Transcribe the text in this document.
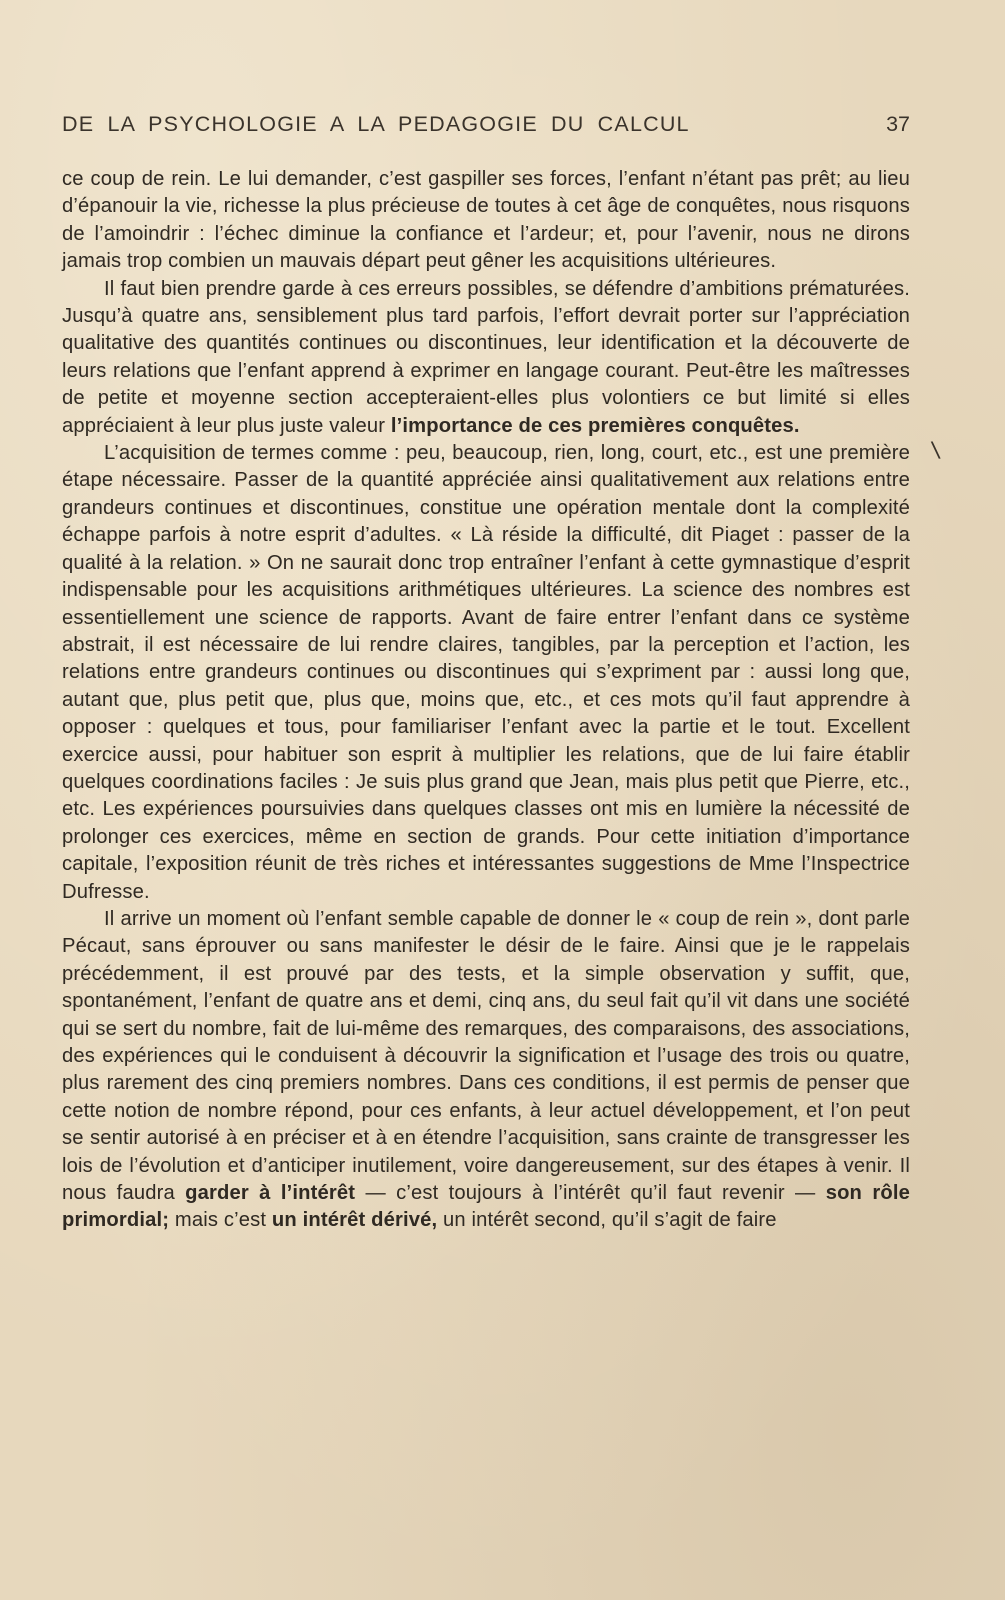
DE LA PSYCHOLOGIE A LA PEDAGOGIE DU CALCUL	37

ce coup de rein. Le lui demander, c’est gaspiller ses forces, l’enfant n’étant pas prêt; au lieu d’épanouir la vie, richesse la plus précieuse de toutes à cet âge de conquêtes, nous risquons de l’amoindrir : l’échec diminue la confiance et l’ardeur; et, pour l’avenir, nous ne dirons jamais trop combien un mauvais départ peut gêner les acquisitions ultérieures.

Il faut bien prendre garde à ces erreurs possibles, se défendre d’ambitions prématurées. Jusqu’à quatre ans, sensiblement plus tard parfois, l’effort devrait porter sur l’appréciation qualitative des quantités continues ou discontinues, leur identification et la découverte de leurs relations que l’enfant apprend à exprimer en langage courant. Peut-être les maîtresses de petite et moyenne section accepteraient-elles plus volontiers ce but limité si elles appréciaient à leur plus juste valeur l’importance de ces premières conquêtes.

L’acquisition de termes comme : peu, beaucoup, rien, long, court, etc., est une première étape nécessaire. Passer de la quantité appréciée ainsi qualitativement aux relations entre grandeurs continues et discontinues, constitue une opération mentale dont la complexité échappe parfois à notre esprit d’adultes. « Là réside la difficulté, dit Piaget : passer de la qualité à la relation. » On ne saurait donc trop entraîner l’enfant à cette gymnastique d’esprit indispensable pour les acquisitions arithmétiques ultérieures. La science des nombres est essentiellement une science de rapports. Avant de faire entrer l’enfant dans ce système abstrait, il est nécessaire de lui rendre claires, tangibles, par la perception et l’action, les relations entre grandeurs continues ou discontinues qui s’expriment par : aussi long que, autant que, plus petit que, plus que, moins que, etc., et ces mots qu’il faut apprendre à opposer : quelques et tous, pour familiariser l’enfant avec la partie et le tout. Excellent exercice aussi, pour habituer son esprit à multiplier les relations, que de lui faire établir quelques coordinations faciles : Je suis plus grand que Jean, mais plus petit que Pierre, etc., etc. Les expériences poursuivies dans quelques classes ont mis en lumière la nécessité de prolonger ces exercices, même en section de grands. Pour cette initiation d’importance capitale, l’exposition réunit de très riches et intéressantes suggestions de Mme l’Inspectrice Dufresse.

Il arrive un moment où l’enfant semble capable de donner le « coup de rein », dont parle Pécaut, sans éprouver ou sans manifester le désir de le faire. Ainsi que je le rappelais précédemment, il est prouvé par des tests, et la simple observation y suffit, que, spontanément, l’enfant de quatre ans et demi, cinq ans, du seul fait qu’il vit dans une société qui se sert du nombre, fait de lui-même des remarques, des comparaisons, des associations, des expériences qui le conduisent à découvrir la signification et l’usage des trois ou quatre, plus rarement des cinq premiers nombres. Dans ces conditions, il est permis de penser que cette notion de nombre répond, pour ces enfants, à leur actuel développement, et l’on peut se sentir autorisé à en préciser et à en étendre l’acquisition, sans crainte de transgresser les lois de l’évolution et d’anticiper inutilement, voire dangereusement, sur des étapes à venir. Il nous faudra garder à l’intérêt — c’est toujours à l’intérêt qu’il faut revenir — son rôle primordial; mais c’est un intérêt dérivé, un intérêt second, qu’il s’agit de faire

\
